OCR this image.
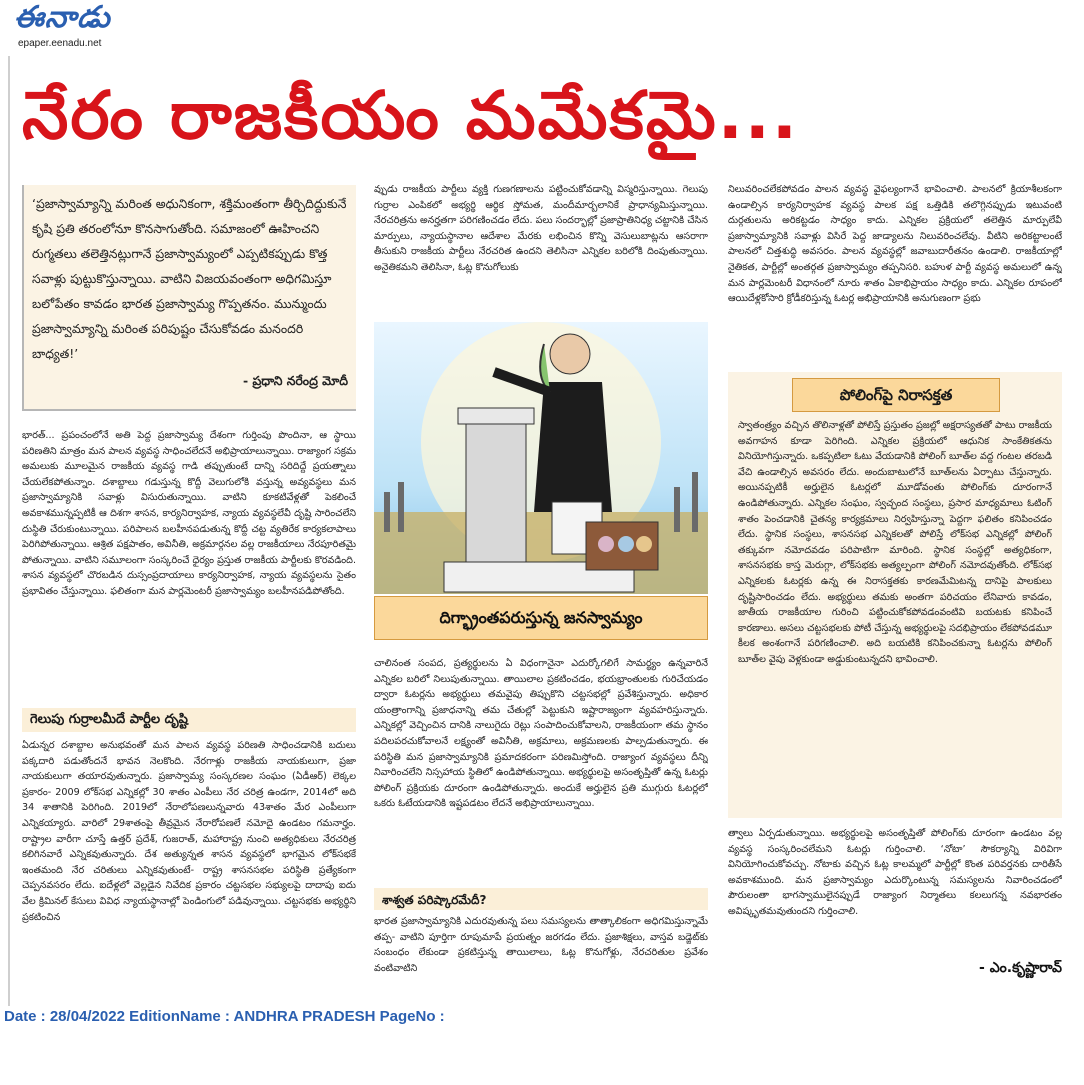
ఈనాడు
epaper.eenadu.net
నేరం రాజకీయం మమేకమై...
‘ప్రజాస్వామ్యాన్ని మరింత అధునికంగా, శక్తిమంతంగా తీర్చిదిద్దుకునే కృషి ప్రతి తరంలోనూ కొనసాగుతోంది. సమాజంలో ఊహించని రుగ్మతలు తలెత్తినట్లుగానే ప్రజాస్వామ్యంలో ఎప్పటికప్పుడు కొత్త సవాళ్లు పుట్టుకొస్తున్నాయి. వాటిని విజయవంతంగా అధిగమిస్తూ బలోపేతం కావడం భారత ప్రజాస్వామ్య గొప్పతనం. మున్ముందు ప్రజాస్వామ్యాన్ని మరింత పరిపుష్టం చేసుకోవడం మనందరి బాధ్యత!’
- ప్రధాని నరేంద్ర మోదీ

భారత్‌... ప్రపంచంలోనే అతి పెద్ద ప్రజాస్వామ్య దేశంగా గుర్తింపు పొందినా, ఆ స్థాయి పరిణతిని మాత్రం మన పాలన వ్యవస్థ సాధించలేదనే అభిప్రాయాలున్నాయి. రాజ్యాంగ సక్రమ అమలుకు మూలమైన రాజకీయ వ్యవస్థ గాడి తప్పుతుంటే దాన్ని సరిదిద్దే ప్రయత్నాలు చేయలేకపోతున్నాం. దశాబ్దాలు గడుస్తున్న కొద్దీ వెలుగులోకి వస్తున్న అవ్యవస్థలు మన ప్రజాస్వామ్యానికి సవాళ్లు విసురుతున్నాయి. వాటిని కూకటివేళ్లతో పెకలించే అవకాశమున్నప్పటికీ ఆ దిశగా శాసన, కార్యనిర్వాహక, న్యాయ వ్యవస్థలేవీ దృష్టి సారించలేని దుస్థితి చేరుకుంటున్నాయి. పరిపాలన బలహీనపడుతున్న కొద్దీ చట్ట వ్యతిరేక కార్యకలాపాలు పెరిగిపోతున్నాయి. ఆశ్రిత పక్షపాతం, అవినీతి, అక్రమార్గనల వల్ల రాజకీయాలు నేరపూరితమై పోతున్నాయి. వాటిని సమూలంగా సంస్కరించే ధైర్యం ప్రస్తుత రాజకీయ పార్టీలకు కొరవడింది. శాసన వ్యవస్థలో చొరబడిన దుస్సంప్రదాయాలు కార్యనిర్వాహక, న్యాయ వ్యవస్థలను సైతం ప్రభావితం చేస్తున్నాయి. ఫలితంగా మన పార్లమెంటరీ ప్రజాస్వామ్యం బలహీనపడిపోతోంది.

గెలుపు గుర్రాలమీదే పార్టీల దృష్టి

ఏడున్నర దశాబ్దాల అనుభవంతో మన పాలన వ్యవస్థ పరిణతి సాధించడానికి బదులు పక్కదారి పడుతోందనే భావన నెలకొంది. నేరగాళ్లు రాజకీయ నాయకులుగా, ప్రజా నాయకులుగా తయారవుతున్నారు. ప్రజాస్వామ్య సంస్కరణల సంఘం (ఏడీఆర్‌) లెక్కల ప్రకారం- 2009 లోక్‌సభ ఎన్నికల్లో 30 శాతం ఎంపీలు నేర చరిత్ర ఉండగా, 2014లో అది 34 శాతానికి పెరిగింది. 2019లో నేరాలోపణలున్నవారు 43శాతం మేర ఎంపీలుగా ఎన్నికయ్యారు. వారిలో 29శాతంపై తీవ్రమైన నేరారోపణలే నమోదై ఉండటం గమనార్హం. రాష్ట్రాల వారీగా చూస్తే ఉత్తర్‌ ప్రదేశ్‌, గుజరాత్‌, మహారాష్ట్ర నుంచి అత్యధికులు నేరచరిత్ర కలిగినవారే ఎన్నికవుతున్నారు. దేశ అత్యున్నత శాసన వ్యవస్థలో భాగమైన లోక్‌సభకే ఇంతమంది నేర చరితులు ఎన్నికవుతుంటే- రాష్ట్ర శాసనసభల పరిస్థితి ప్రత్యేకంగా చెప్పనవసరం లేదు. ఐదేళ్లలో వెల్లడైన నివేదిక ప్రకారం చట్టసభల సభ్యులపై దాదాపు ఐదు వేల క్రిమినల్‌ కేసులు వివిధ న్యాయస్థానాల్లో పెండింగులో పడివున్నాయి. చట్టసభకు అభ్యర్థిని ప్రకటించిన

వ్పుడు రాజకీయ పార్టీలు వ్యక్తి గుణగణాలను పట్టించుకోవడాన్ని విస్మరిస్తున్నాయి. గెలుపు గుర్రాల ఎంపికలో అభ్యర్థి ఆర్థిక స్తోమత, మందీమార్బలానికే ప్రాధాన్యమిస్తున్నాయి. నేరచరిత్రను అనర్హతగా పరిగణించడం లేదు. పలు సందర్భాల్లో ప్రజాప్రాతినిధ్య చట్టానికి చేసిన మార్పులు, న్యాయస్థానాల ఆదేశాల మేరకు లభించిన కొన్ని వెసులుబాట్లను ఆసరాగా తీసుకుని రాజకీయ పార్టీలు నేరచరిత ఉందని తెలిసినా ఎన్నికల బరిలోకి దింపుతున్నాయి. అనైతికమని తెలిసినా, ఓట్ల కొనుగోలుకు

దిగ్భ్రాంతపరుస్తున్న జనస్వామ్యం

చాలినంత సంపద, ప్రత్యర్థులను ఏ విధంగానైనా ఎదుర్కోగలిగే సామర్థ్యం ఉన్నవారినే ఎన్నికల బరిలో నిలుపుతున్నాయి. తాయిలాల ప్రకటించడం, భయభ్రాంతులకు గురిచేయడం ద్వారా ఓటర్లను అభ్యర్థులు తమవైపు తిప్పుకొని చట్టసభల్లో ప్రవేశిస్తున్నారు. అధికార యంత్రాంగాన్ని ప్రజాధనాన్ని తమ చేతుల్లో పెట్టుకుని ఇష్టారాజ్యంగా వ్యవహరిస్తున్నారు. ఎన్నికల్లో వెచ్చించిన దానికి నాలుగైదు రెట్లు సంపాదించుకోవాలని, రాజకీయంగా తమ స్థానం పదిలపరచుకోవాలనే లక్ష్యంతో అవినీతి, అక్రమాలు, అక్రమణలకు పాల్పడుతున్నారు. ఈ పరిస్థితి మన ప్రజాస్వామ్యానికి ప్రమాదకరంగా పరిణమిస్తోంది. రాజ్యాంగ వ్యవస్థలు దీన్ని నివారించలేని నిస్సహాయ స్థితిలో ఉండిపోతున్నాయి. అభ్యర్థులపై అసంతృప్తితో ఉన్న ఓటర్లు పోలింగ్‌ ప్రక్రియకు దూరంగా ఉండిపోతున్నారు. అందుకే అర్హులైన ప్రతి ముగ్గురు ఓటర్లలో ఒకరు ఓటేయడానికి ఇష్టపడటం లేదనే అభిప్రాయాలున్నాయి.

శాశ్వత పరిష్కారమేదీ?

భారత ప్రజాస్వామ్యానికి ఎదురవుతున్న పలు సమస్యలను తాత్కాలికంగా అధిగమిస్తున్నామే తప్ప- వాటిని పూర్తిగా రూపుమాపే ప్రయత్నం జరగడం లేదు. ప్రజాశిక్షలు, వాస్తవ బడ్జెట్‌కు సంబంధం లేకుండా ప్రకటిస్తున్న తాయిలాలు, ఓట్ల కొనుగోళ్లు, నేరచరితుల ప్రవేశం వంటివాటిని

నిలువరించలేకపోవడం పాలన వ్యవస్థ వైఫల్యంగానే భావించాలి. పాలనలో క్రియాశీలకంగా ఉండాల్సిన కార్యనిర్వాహక వ్యవస్థ పాలక పక్ష ఒత్తిడికి తలొగ్గినప్పుడు ఇటువంటి దుర్గతులను అరికట్టడం సాధ్యం కాదు. ఎన్నికల ప్రక్రియలో తలెత్తిన మార్పులేవీ ప్రజాస్వామ్యానికి సవాళ్లు విసిరే పెద్ద జాడ్యాలను నిలువరించలేవు. వీటిని అరికట్టాలంటే పాలనలో చిత్తశుద్ధి అవసరం. పాలన వ్యవస్థల్లో జవాబుదారీతనం ఉండాలి. రాజకీయాల్లో నైతికత, పార్టీల్లో అంతర్గత ప్రజాస్వామ్యం తప్పనిసరి. బహుళ పార్టీ వ్యవస్థ అమలులో ఉన్న మన పార్లమెంటరీ విధానంలో నూరు శాతం ఏకాభిప్రాయం సాధ్యం కాదు. ఎన్నికల రూపంలో ఆయిదేళ్లకోసారి క్రోడీకరిస్తున్న ఓటర్ల అభిప్రాయానికి అనుగుణంగా ప్రభు

పోలింగ్‌పై నిరాసక్తత

స్వాతంత్ర్యం వచ్చిన తొలినాళ్లతో పోలిస్తే ప్రస్తుతం ప్రజల్లో అక్షరాస్యతతో పాటు రాజకీయ అవగాహన కూడా పెరిగింది. ఎన్నికల ప్రక్రియలో ఆధునిక సాంకేతికతను వినియోగిస్తున్నారు. ఒకప్పటిలా ఓటు వేయడానికి పోలింగ్‌ బూత్‌ల వద్ద గంటల తరబడి వేచి ఉండాల్సిన అవసరం లేదు. అందుబాటులోనే బూత్‌లను ఏర్పాటు చేస్తున్నారు. అయినప్పటికీ అర్హులైన ఓటర్లలో మూడోవంతు పోలింగ్‌కు దూరంగానే ఉండిపోతున్నారు. ఎన్నికల సంఘం, స్వచ్ఛంద సంస్థలు, ప్రసార మాధ్యమాలు ఓటింగ్‌ శాతం పెంచడానికి చైతన్య కార్యక్రమాలు నిర్వహిస్తున్నా పెద్దగా ఫలితం కనిపించడం లేదు. స్థానిక సంస్థలు, శాసనసభ ఎన్నికలతో పోలిస్తే లోక్‌సభ ఎన్నికల్లో పోలింగ్‌ తక్కువగా నమోదవడం పరిపాటిగా మారింది. స్థానిక సంస్థల్లో అత్యధికంగా, శాసనసభకు కాస్త మెరుగ్గా, లోక్‌సభకు అత్యల్పంగా పోలింగ్‌ నమోదవుతోంది. లోక్‌సభ ఎన్నికలకు ఓటర్లకు ఉన్న ఈ నిరాసక్తతకు కారణమేమిటన్న దానిపై పాలకులు దృష్టిసారించడం లేదు. అభ్యర్థులు తమకు అంతగా పరిచయం లేనివారు కావడం, జాతీయ రాజకీయాల గురించి పట్టించుకోకపోవడంవంటివి బయటకు కనిపించే కారణాలు. అసలు చట్టసభలకు పోటీ చేస్తున్న అభ్యర్థులపై సదభిప్రాయం లేకపోవడమూ కీలక అంశంగానే పరిగణించాలి. అది బయటికి కనిపించకున్నా ఓటర్లను పోలింగ్‌ బూత్‌ల వైపు వెళ్లకుండా అడ్డుకుంటున్నదని భావించాలి.

త్వాలు ఏర్పడుతున్నాయి. అభ్యర్థులపై అసంతృప్తితో పోలింగ్‌కు దూరంగా ఉండటం వల్ల వ్యవస్థ సంస్కరించలేమని ఓటర్లు గుర్తించాలి. ‘నోటా’ సౌకర్యాన్ని విరివిగా వినియోగించుకోవచ్చు. నోటాకు వచ్చిన ఓట్ల కాలమ్మలో పార్టీల్లో కొంత పరివర్తనకు దారితీసే అవకాశముంది. మన ప్రజాస్వామ్యం ఎదుర్కొంటున్న సమస్యలను నివారించడంలో పౌరులంతా భాగస్వాములైనప్పుడే రాజ్యాంగ నిర్మాతలు కలలుగన్న నవభారతం అవిష్కృతమవుతుందని గుర్తించాలి.

- ఎం.కృష్ణారావ్‌
Date : 28/04/2022 EditionName : ANDHRA PRADESH PageNo :
